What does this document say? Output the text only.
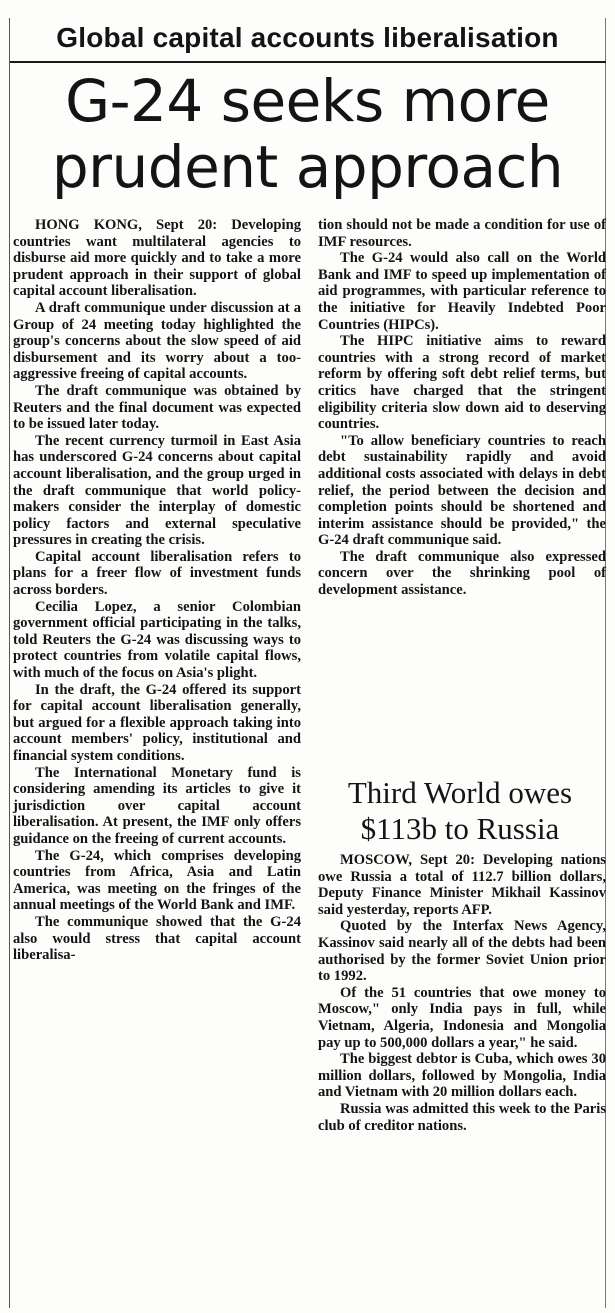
Global capital accounts liberalisation
G-24 seeks more prudent approach

HONG KONG, Sept 20: Developing countries want multilateral agencies to disburse aid more quickly and to take a more prudent approach in their support of global capital account liberalisation.

A draft communique under discussion at a Group of 24 meeting today highlighted the group's concerns about the slow speed of aid disbursement and its worry about a too-aggressive freeing of capital accounts.

The draft communique was obtained by Reuters and the final document was expected to be issued later today.

The recent currency turmoil in East Asia has underscored G-24 concerns about capital account liberalisation, and the group urged in the draft communique that world policy-makers consider the interplay of domestic policy factors and external speculative pressures in creating the crisis.

Capital account liberalisation refers to plans for a freer flow of investment funds across borders.

Cecilia Lopez, a senior Colombian government official participating in the talks, told Reuters the G-24 was discussing ways to protect countries from volatile capital flows, with much of the focus on Asia's plight.

In the draft, the G-24 offered its support for capital account liberalisation generally, but argued for a flexible approach taking into account members' policy, institutional and financial system conditions.

The International Monetary fund is considering amending its articles to give it jurisdiction over capital account liberalisation. At present, the IMF only offers guidance on the freeing of current accounts.

The G-24, which comprises developing countries from Africa, Asia and Latin America, was meeting on the fringes of the annual meetings of the World Bank and IMF.

The communique showed that the G-24 also would stress that capital account liberalisa-

tion should not be made a condition for use of IMF resources.

The G-24 would also call on the World Bank and IMF to speed up implementation of aid programmes, with particular reference to the initiative for Heavily Indebted Poor Countries (HIPCs).

The HIPC initiative aims to reward countries with a strong record of market reform by offering soft debt relief terms, but critics have charged that the stringent eligibility criteria slow down aid to deserving countries.

"To allow beneficiary countries to reach debt sustainability rapidly and avoid additional costs associated with delays in debt relief, the period between the decision and completion points should be shortened and interim assistance should be provided," the G-24 draft communique said.

The draft communique also expressed concern over the shrinking pool of development assistance.

Third World owes $113b to Russia

MOSCOW, Sept 20: Developing nations owe Russia a total of 112.7 billion dollars, Deputy Finance Minister Mikhail Kassinov said yesterday, reports AFP.

Quoted by the Interfax News Agency, Kassinov said nearly all of the debts had been authorised by the former Soviet Union prior to 1992.

Of the 51 countries that owe money to Moscow," only India pays in full, while Vietnam, Algeria, Indonesia and Mongolia pay up to 500,000 dollars a year," he said.

The biggest debtor is Cuba, which owes 30 million dollars, followed by Mongolia, India and Vietnam with 20 million dollars each.

Russia was admitted this week to the Paris club of creditor nations.
